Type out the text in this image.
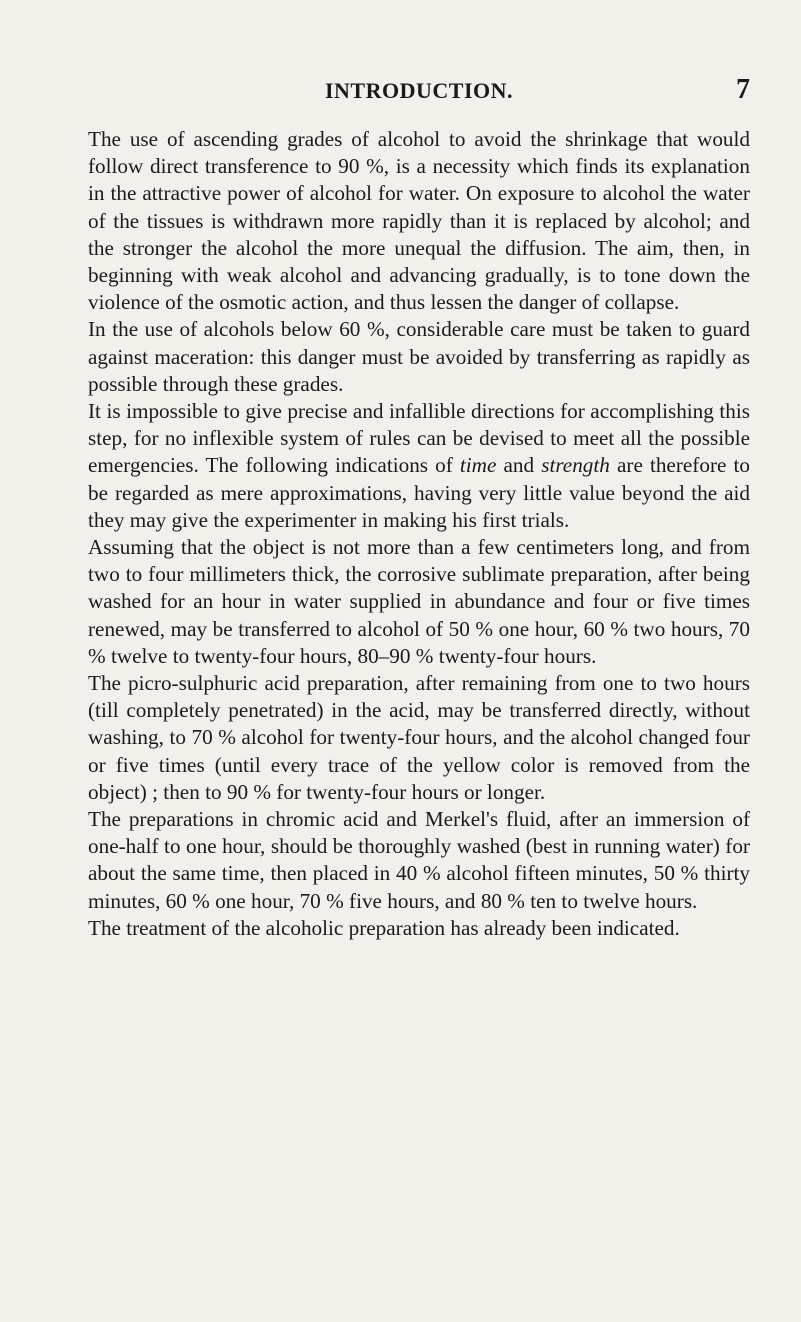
INTRODUCTION.	7

The use of ascending grades of alcohol to avoid the shrinkage that would follow direct transference to 90 %, is a necessity which finds its explanation in the attractive power of alcohol for water. On exposure to alcohol the water of the tissues is withdrawn more rapidly than it is replaced by alcohol; and the stronger the alcohol the more unequal the diffusion. The aim, then, in beginning with weak alcohol and advancing gradually, is to tone down the violence of the osmotic action, and thus lessen the danger of collapse.

In the use of alcohols below 60 %, considerable care must be taken to guard against maceration: this danger must be avoided by transferring as rapidly as possible through these grades.

It is impossible to give precise and infallible directions for accomplishing this step, for no inflexible system of rules can be devised to meet all the possible emergencies. The following indications of time and strength are therefore to be regarded as mere approximations, having very little value beyond the aid they may give the experimenter in making his first trials.

Assuming that the object is not more than a few centimeters long, and from two to four millimeters thick, the corrosive sublimate preparation, after being washed for an hour in water supplied in abundance and four or five times renewed, may be transferred to alcohol of 50 % one hour, 60 % two hours, 70 % twelve to twenty-four hours, 80–90 % twenty-four hours.

The picro-sulphuric acid preparation, after remaining from one to two hours (till completely penetrated) in the acid, may be transferred directly, without washing, to 70 % alcohol for twenty-four hours, and the alcohol changed four or five times (until every trace of the yellow color is removed from the object) ; then to 90 % for twenty-four hours or longer.

The preparations in chromic acid and Merkel's fluid, after an immersion of one-half to one hour, should be thoroughly washed (best in running water) for about the same time, then placed in 40 % alcohol fifteen minutes, 50 % thirty minutes, 60 % one hour, 70 % five hours, and 80 % ten to twelve hours.

The treatment of the alcoholic preparation has already been indicated.
